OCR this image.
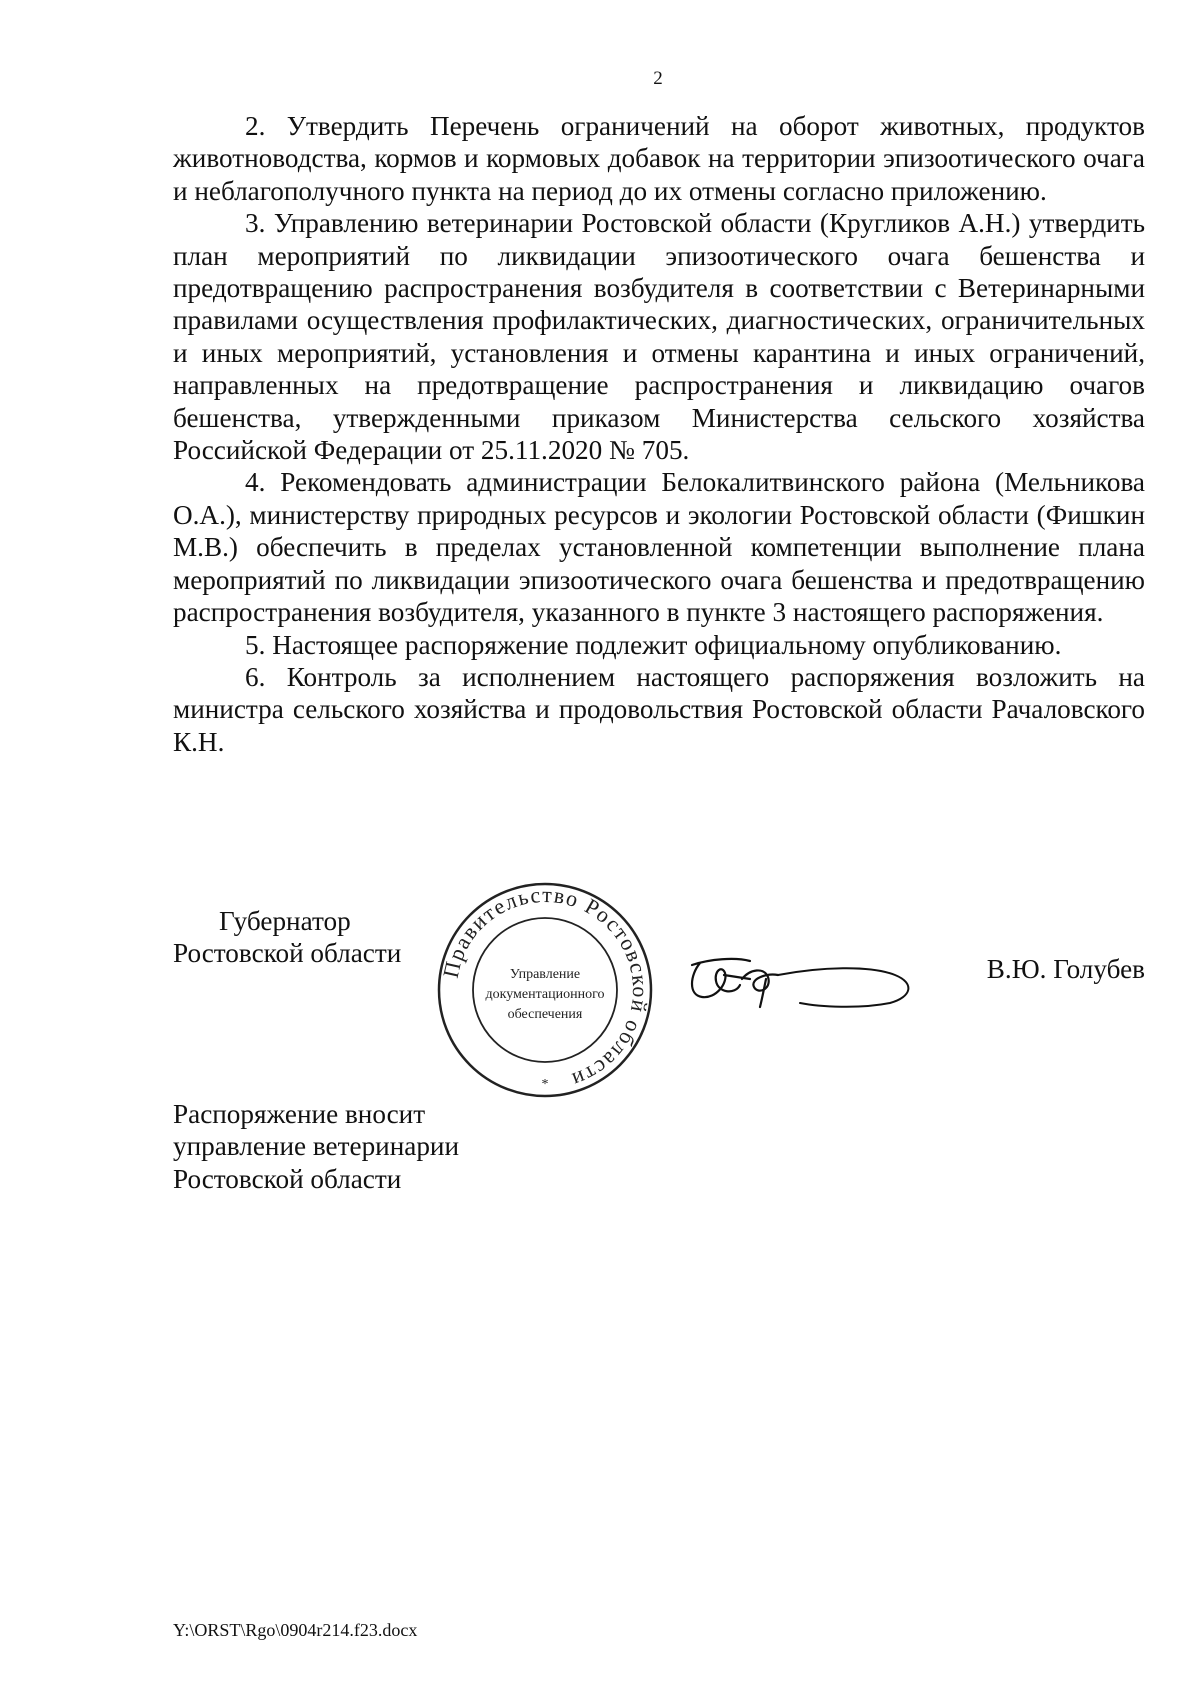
2

2. Утвердить Перечень ограничений на оборот животных, продуктов животноводства, кормов и кормовых добавок на территории эпизоотического очага и неблагополучного пункта на период до их отмены согласно приложению.

3. Управлению ветеринарии Ростовской области (Кругликов А.Н.) утвердить план мероприятий по ликвидации эпизоотического очага бешенства и предотвращению распространения возбудителя в соответствии с Ветеринарными правилами осуществления профилактических, диагностических, ограничительных и иных мероприятий, установления и отмены карантина и иных ограничений, направленных на предотвращение распространения и ликвидацию очагов бешенства, утвержденными приказом Министерства сельского хозяйства Российской Федерации от 25.11.2020 № 705.

4. Рекомендовать администрации Белокалитвинского района (Мельникова О.А.), министерству природных ресурсов и экологии Ростовской области (Фишкин М.В.) обеспечить в пределах установленной компетенции выполнение плана мероприятий по ликвидации эпизоотического очага бешенства и предотвращению распространения возбудителя, указанного в пункте 3 настоящего распоряжения.

5. Настоящее распоряжение подлежит официальному опубликованию.

6. Контроль за исполнением настоящего распоряжения возложить на министра сельского хозяйства и продовольствия Ростовской области Рачаловского К.Н.

Губернатор
Ростовской области
Правительство Ростовской области
Управление
документационного
обеспечения
*
В.Ю. Голубев
Распоряжение вносит
управление ветеринарии
Ростовской области
Y:\ORST\Rgo\0904r214.f23.docx
